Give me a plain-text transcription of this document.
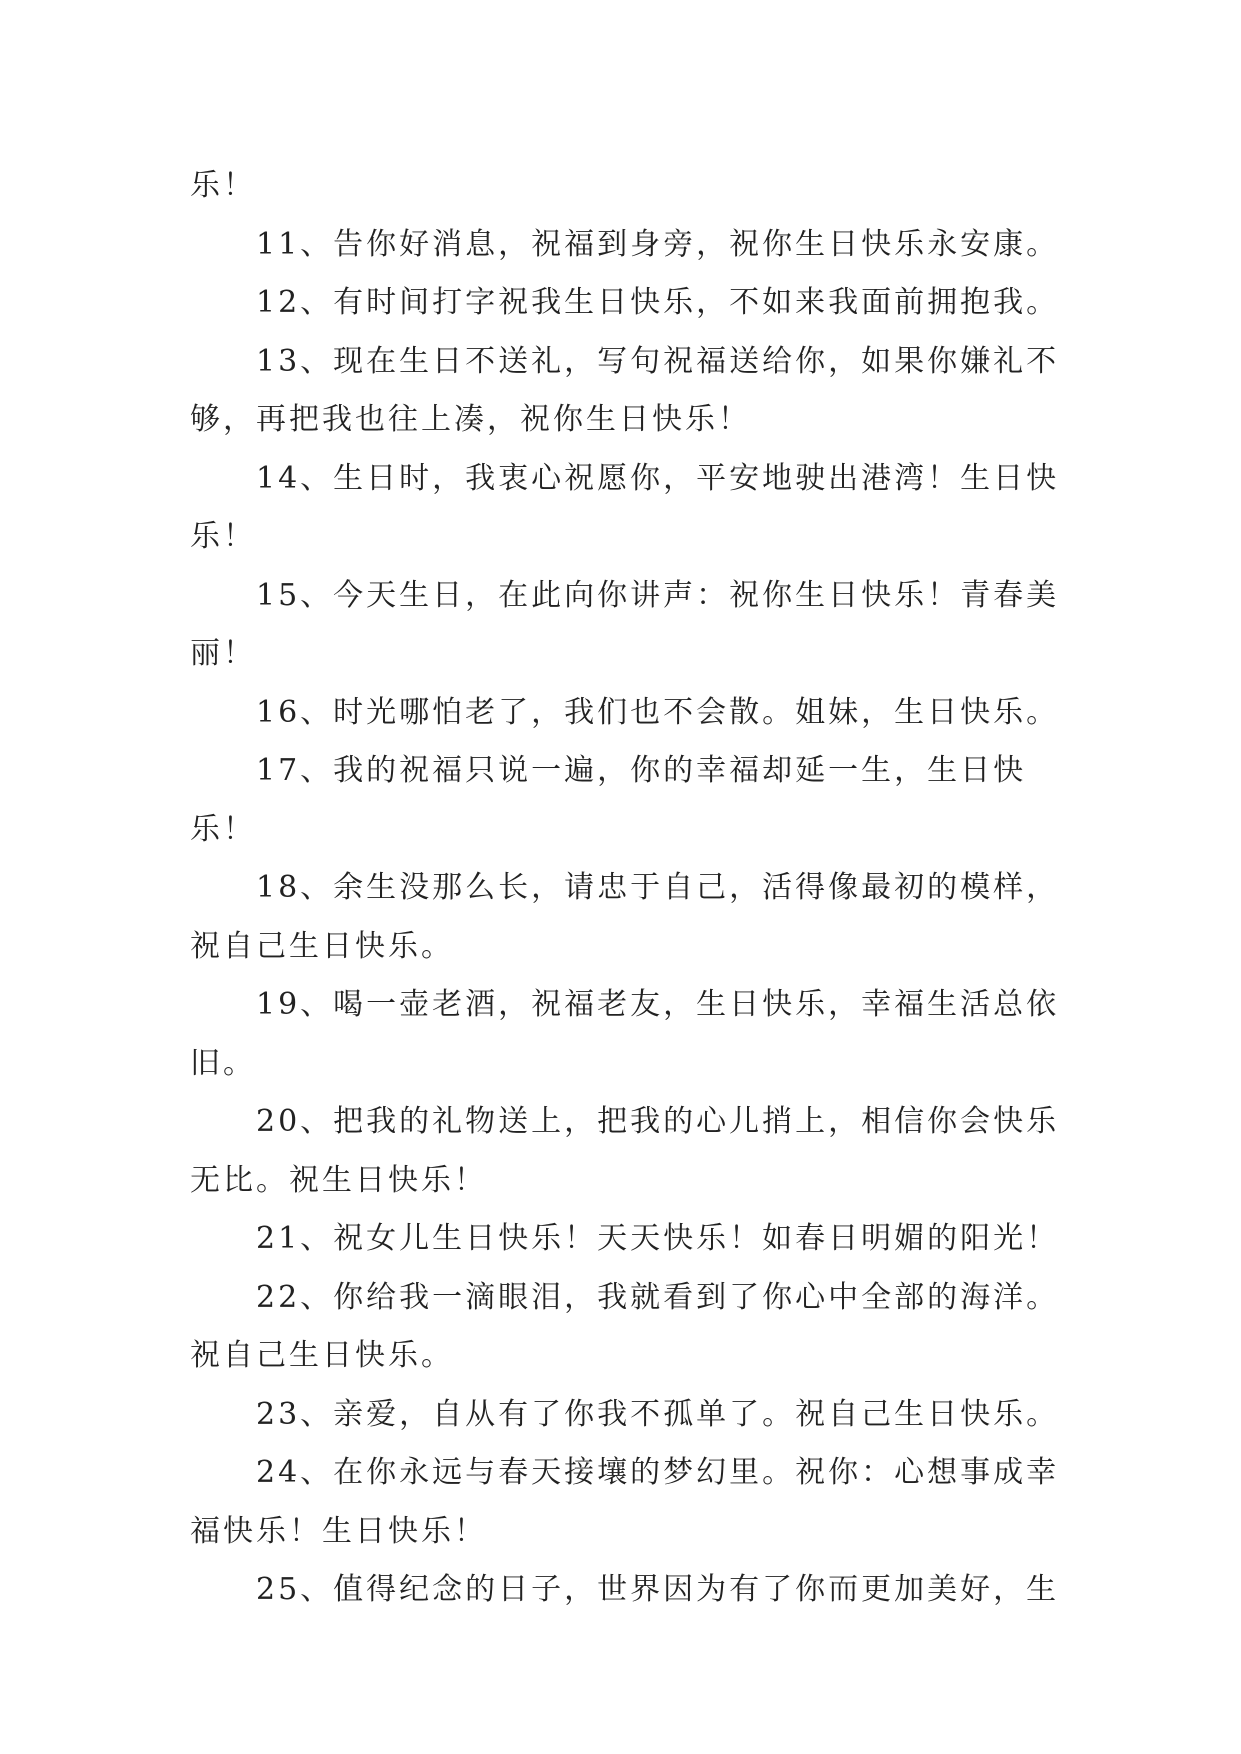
乐！

11、告你好消息，祝福到身旁，祝你生日快乐永安康。

12、有时间打字祝我生日快乐，不如来我面前拥抱我。

13、现在生日不送礼，写句祝福送给你，如果你嫌礼不够，再把我也往上凑，祝你生日快乐！

14、生日时，我衷心祝愿你，平安地驶出港湾！生日快乐！

15、今天生日，在此向你讲声：祝你生日快乐！青春美丽！

16、时光哪怕老了，我们也不会散。姐妹，生日快乐。

17、我的祝福只说一遍，你的幸福却延一生，生日快乐！

18、余生没那么长，请忠于自己，活得像最初的模样，祝自己生日快乐。

19、喝一壶老酒，祝福老友，生日快乐，幸福生活总依旧。

20、把我的礼物送上，把我的心儿捎上，相信你会快乐无比。祝生日快乐！

21、祝女儿生日快乐！天天快乐！如春日明媚的阳光！

22、你给我一滴眼泪，我就看到了你心中全部的海洋。祝自己生日快乐。

23、亲爱，自从有了你我不孤单了。祝自己生日快乐。

24、在你永远与春天接壤的梦幻里。祝你：心想事成幸福快乐！生日快乐！

25、值得纪念的日子，世界因为有了你而更加美好，生
